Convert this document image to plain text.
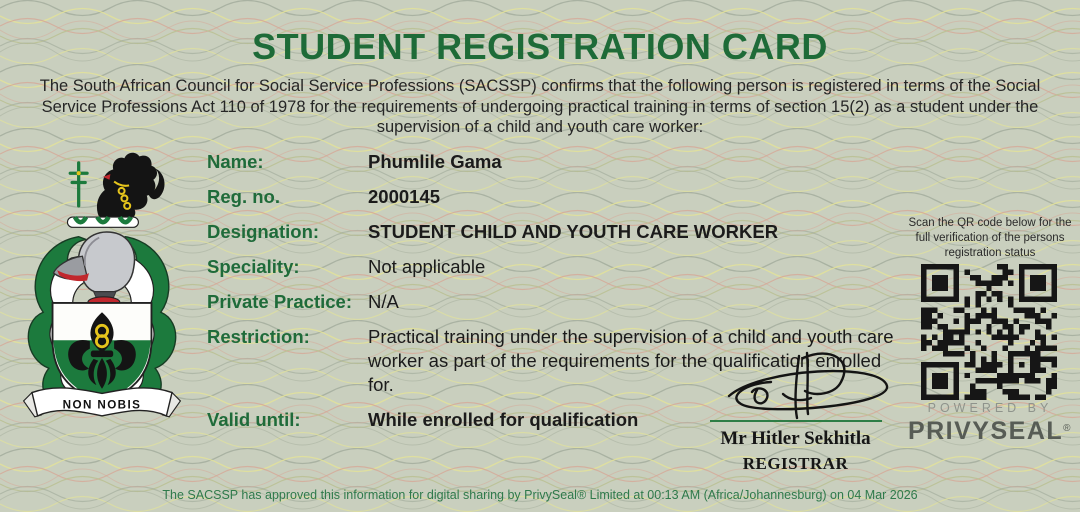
STUDENT REGISTRATION CARD
The South African Council for Social Service Professions (SACSSP) confirms that the following person is registered in terms of the Social Service Professions Act 110 of 1978 for the requirements of undergoing practical training in terms of section 15(2) as a student under the supervision of a child and youth care worker:
NON NOBIS
Name:	Phumlile Gama
Reg. no.	2000145
Designation:	STUDENT CHILD AND YOUTH CARE WORKER
Speciality:	Not applicable
Private Practice: N/A
Restriction:	Practical training under the supervision of a child and youth care worker as part of the requirements for the qualification enrolled for.
Valid until:	While enrolled for qualification
Scan the QR code below for the full verification of the persons registration status
POWERED BY
PRIVYSEAL®
Mr Hitler Sekhitla
REGISTRAR
The SACSSP has approved this information for digital sharing by PrivySeal® Limited at 00:13 AM (Africa/Johannesburg) on 04 Mar 2026
